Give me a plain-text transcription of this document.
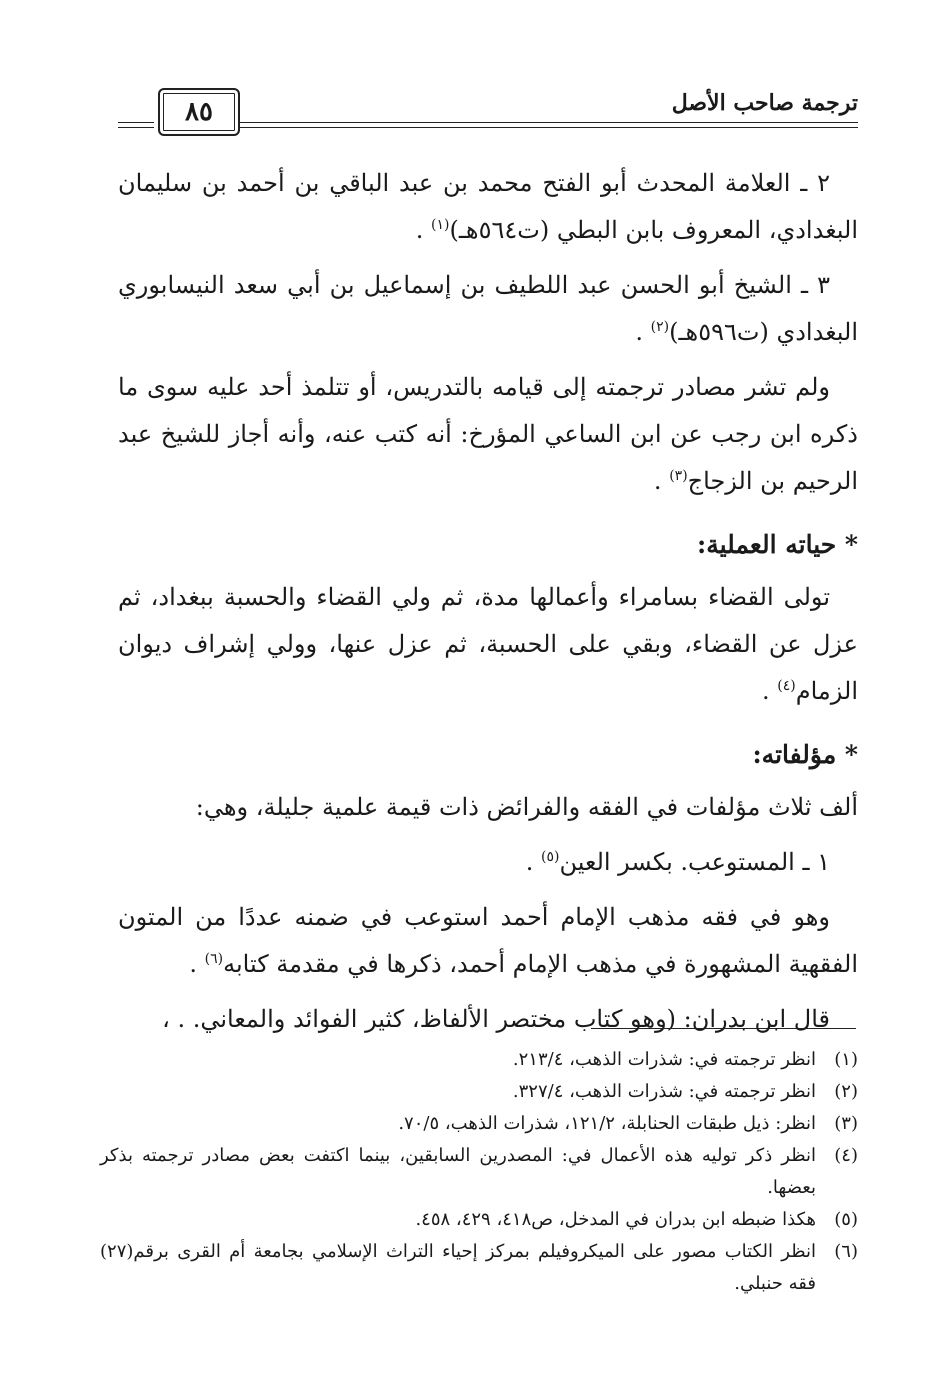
ترجمة صاحب الأصل
٨٥

٢ ـ العلامة المحدث أبو الفتح محمد بن عبد الباقي بن أحمد بن سليمان البغدادي، المعروف بابن البطي (ت٥٦٤هـ)$^{(١)}$ .

٣ ـ الشيخ أبو الحسن عبد اللطيف بن إسماعيل بن أبي سعد النيسابوري البغدادي (ت٥٩٦هـ)$^{(٢)}$ .

ولم تشر مصادر ترجمته إلى قيامه بالتدريس، أو تتلمذ أحد عليه سوى ما ذكره ابن رجب عن ابن الساعي المؤرخ: أنه كتب عنه، وأنه أجاز للشيخ عبد الرحيم بن الزجاج$^{(٣)}$ .

* حياته العملية:

تولى القضاء بسامراء وأعمالها مدة، ثم ولي القضاء والحسبة ببغداد، ثم عزل عن القضاء، وبقي على الحسبة، ثم عزل عنها، وولي إشراف ديوان الزمام$^{(٤)}$ .

* مؤلفاته:

ألف ثلاث مؤلفات في الفقه والفرائض ذات قيمة علمية جليلة، وهي:

١ ـ المستوعب. بكسر العين$^{(٥)}$ .

وهو في فقه مذهب الإمام أحمد استوعب في ضمنه عددًا من المتون الفقهية المشهورة في مذهب الإمام أحمد، ذكرها في مقدمة كتابه$^{(٦)}$ .

قال ابن بدران: (وهو كتاب مختصر الألفاظ، كثير الفوائد والمعاني. . ،

(١)
انظر ترجمته في: شذرات الذهب، ٢١٣/٤.
(٢)
انظر ترجمته في: شذرات الذهب، ٣٢٧/٤.
(٣)
انظر: ذيل طبقات الحنابلة، ١٢١/٢، شذرات الذهب، ٧٠/٥.
(٤)
انظر ذكر توليه هذه الأعمال في: المصدرين السابقين، بينما اكتفت بعض مصادر ترجمته بذكر بعضها.
(٥)
هكذا ضبطه ابن بدران في المدخل، ص٤١٨، ٤٢٩، ٤٥٨.
(٦)
انظر الكتاب مصور على الميكروفيلم بمركز إحياء التراث الإسلامي بجامعة أم القرى برقم(٢٧) فقه حنبلي.
